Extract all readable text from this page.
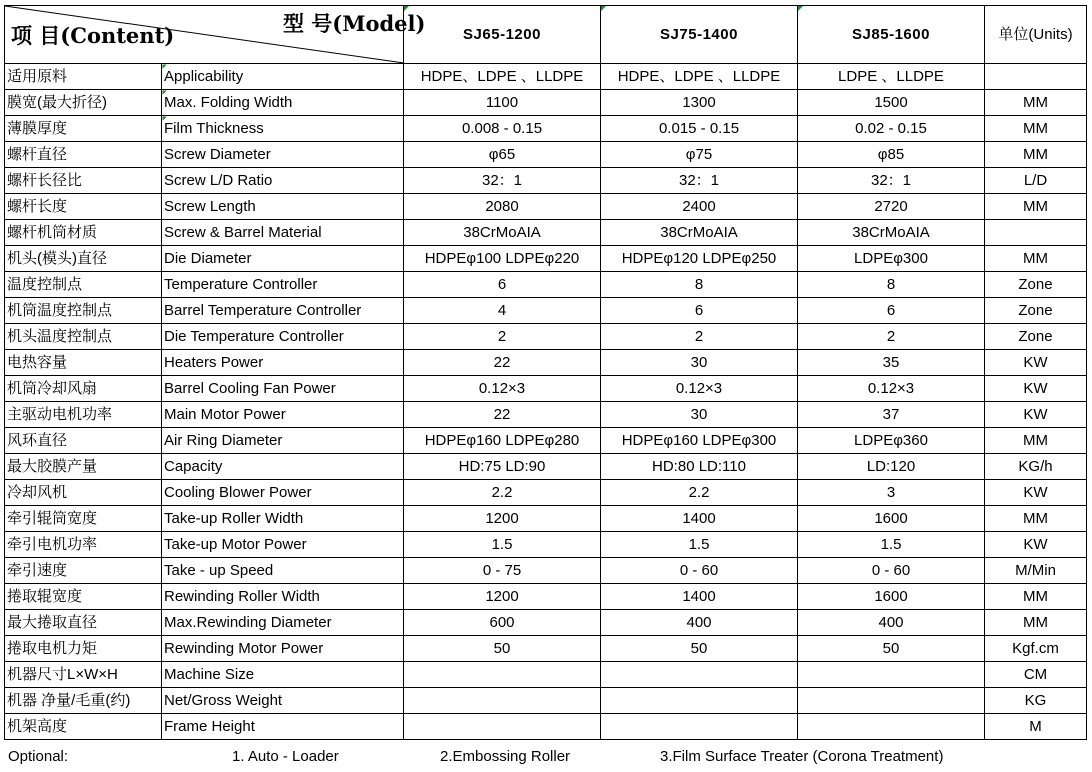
项 目(Content) 型 号(Model)		SJ65-1200	SJ75-1400	SJ85-1600	单位(Units)
适用原料	Applicability	HDPE、LDPE 、LLDPE	HDPE、LDPE 、LLDPE	LDPE 、LLDPE	
膜宽(最大折径)	Max. Folding Width	1100	1300	1500	MM
薄膜厚度	Film Thickness	0.008 - 0.15	0.015 - 0.15	0.02 - 0.15	MM
螺杆直径	Screw Diameter	φ65	φ75	φ85	MM
螺杆长径比	Screw L/D Ratio	32：1	32：1	32：1	L/D
螺杆长度	Screw Length	2080	2400	2720	MM
螺杆机筒材质	Screw & Barrel Material	38CrMoAIA	38CrMoAIA	38CrMoAIA	
机头(模头)直径	Die Diameter	HDPEφ100 LDPEφ220	HDPEφ120 LDPEφ250	LDPEφ300	MM
温度控制点	Temperature Controller	6	8	8	Zone
机筒温度控制点	Barrel Temperature Controller	4	6	6	Zone
机头温度控制点	Die Temperature Controller	2	2	2	Zone
电热容量	Heaters Power	22	30	35	KW
机筒冷却风扇	Barrel Cooling Fan Power	0.12×3	0.12×3	0.12×3	KW
主驱动电机功率	Main Motor Power	22	30	37	KW
风环直径	Air Ring Diameter	HDPEφ160 LDPEφ280	HDPEφ160 LDPEφ300	LDPEφ360	MM
最大胶膜产量	Capacity	HD:75 LD:90	HD:80 LD:110	LD:120	KG/h
冷却风机	Cooling Blower Power	2.2	2.2	3	KW
牵引辊筒宽度	Take-up Roller Width	1200	1400	1600	MM
牵引电机功率	Take-up Motor Power	1.5	1.5	1.5	KW
牵引速度	Take - up Speed	0 - 75	0 - 60	0 - 60	M/Min
捲取辊宽度	Rewinding Roller Width	1200	1400	1600	MM
最大捲取直径	Max.Rewinding Diameter	600	400	400	MM
捲取电机力矩	Rewinding Motor Power	50	50	50	Kgf.cm
机器尺寸L×W×H	Machine Size				CM
机器 净量/毛重(约)	Net/Gross Weight				KG
机架高度	Frame Height				M
Optional:	1. Auto - Loader	2.Embossing Roller	3.Film Surface Treater (Corona Treatment)
